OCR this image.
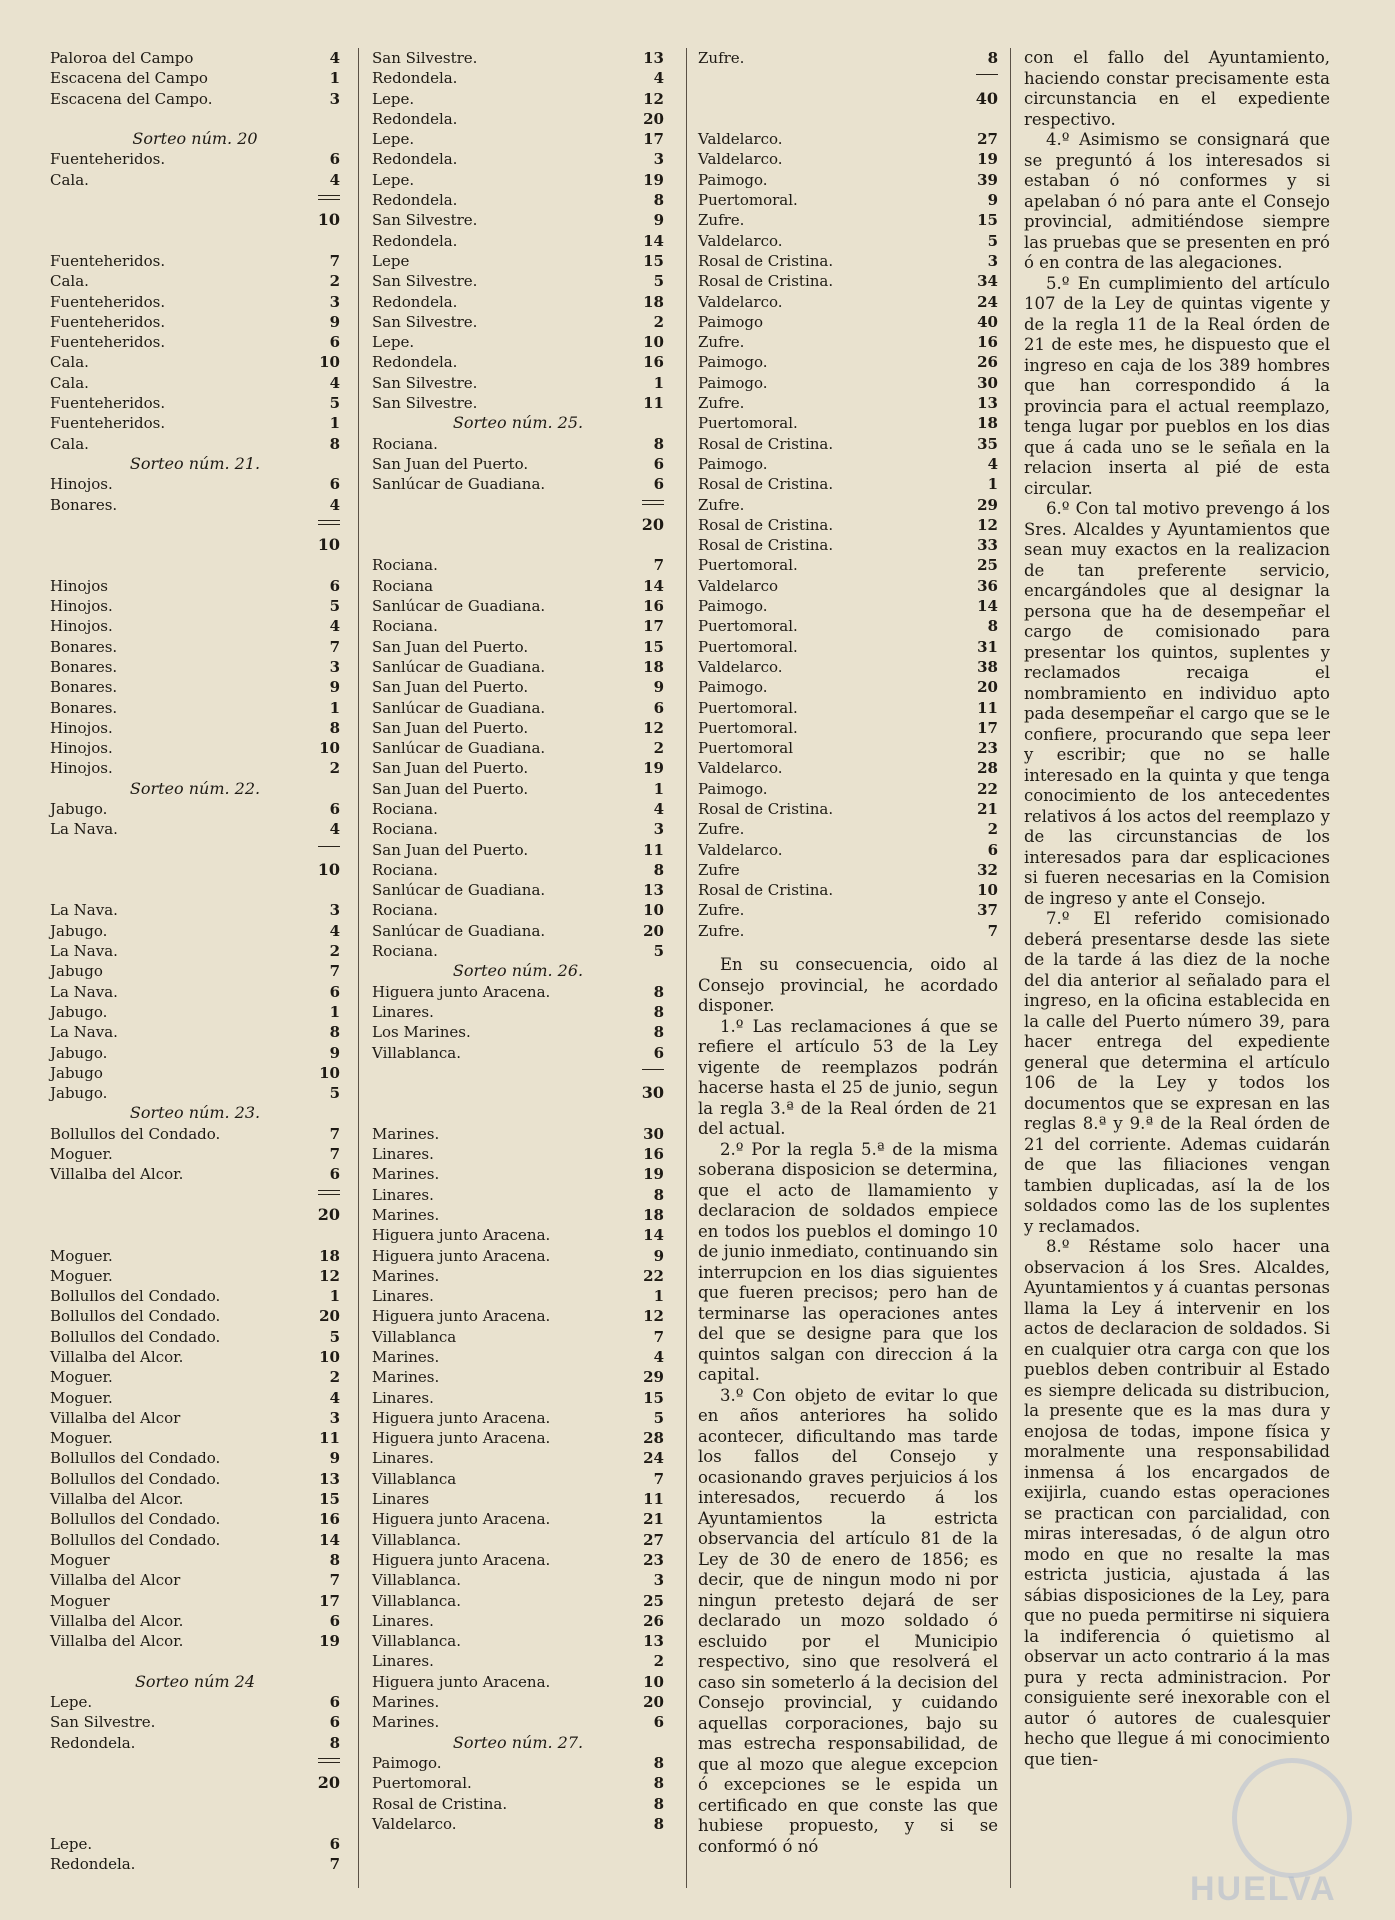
Paloroa del Campo	4
Escacena del Campo	1
Escacena del Campo.	3
Sorteo núm. 20
Fuenteheridos.	6
Cala.	4
10
Fuenteheridos.	7
Cala.	2
Fuenteheridos.	3
Fuenteheridos.	9
Fuenteheridos.	6
Cala.	10
Cala.	4
Fuenteheridos.	5
Fuenteheridos.	1
Cala.	8
Sorteo núm. 21.
Hinojos.	6
Bonares.	4
10
Hinojos	6
Hinojos.	5
Hinojos.	4
Bonares.	7
Bonares.	3
Bonares.	9
Bonares.	1
Hinojos.	8
Hinojos.	10
Hinojos.	2
Sorteo núm. 22.
Jabugo.	6
La Nava.	4
10
La Nava.	3
Jabugo.	4
La Nava.	2
Jabugo	7
La Nava.	6
Jabugo.	1
La Nava.	8
Jabugo.	9
Jabugo	10
Jabugo.	5
Sorteo núm. 23.
Bollullos del Condado.	7
Moguer.	7
Villalba del Alcor.	6
20
Moguer.	18
Moguer.	12
Bollullos del Condado.	1
Bollullos del Condado.	20
Bollullos del Condado.	5
Villalba del Alcor.	10
Moguer.	2
Moguer.	4
Villalba del Alcor	3
Moguer.	11
Bollullos del Condado.	9
Bollullos del Condado.	13
Villalba del Alcor.	15
Bollullos del Condado.	16
Bollullos del Condado.	14
Moguer	8
Villalba del Alcor	7
Moguer	17
Villalba del Alcor.	6
Villalba del Alcor.	19
Sorteo núm 24
Lepe.	6
San Silvestre.	6
Redondela.	8
20
Lepe.	6
Redondela.	7
San Silvestre.	13
Redondela.	4
Lepe.	12
Redondela.	20
Lepe.	17
Redondela.	3
Lepe.	19
Redondela.	8
San Silvestre.	9
Redondela.	14
Lepe	15
San Silvestre.	5
Redondela.	18
San Silvestre.	2
Lepe.	10
Redondela.	16
San Silvestre.	1
San Silvestre.	11
Sorteo núm. 25.
Rociana.	8
San Juan del Puerto.	6
Sanlúcar de Guadiana.	6
20
Rociana.	7
Rociana	14
Sanlúcar de Guadiana.	16
Rociana.	17
San Juan del Puerto.	15
Sanlúcar de Guadiana.	18
San Juan del Puerto.	9
Sanlúcar de Guadiana.	6
San Juan del Puerto.	12
Sanlúcar de Guadiana.	2
San Juan del Puerto.	19
San Juan del Puerto.	1
Rociana.	4
Rociana.	3
San Juan del Puerto.	11
Rociana.	8
Sanlúcar de Guadiana.	13
Rociana.	10
Sanlúcar de Guadiana.	20
Rociana.	5
Sorteo núm. 26.
Higuera junto Aracena.	8
Linares.	8
Los Marines.	8
Villablanca.	6
30
Marines.	30
Linares.	16
Marines.	19
Linares.	8
Marines.	18
Higuera junto Aracena.	14
Higuera junto Aracena.	9
Marines.	22
Linares.	1
Higuera junto Aracena.	12
Villablanca	7
Marines.	4
Marines.	29
Linares.	15
Higuera junto Aracena.	5
Higuera junto Aracena.	28
Linares.	24
Villablanca	7
Linares	11
Higuera junto Aracena.	21
Villablanca.	27
Higuera junto Aracena.	23
Villablanca.	3
Villablanca.	25
Linares.	26
Villablanca.	13
Linares.	2
Higuera junto Aracena.	10
Marines.	20
Marines.	6
Sorteo núm. 27.
Paimogo.	8
Puertomoral.	8
Rosal de Cristina.	8
Valdelarco.	8
Zufre.	8
40
Valdelarco.	27
Valdelarco.	19
Paimogo.	39
Puertomoral.	9
Zufre.	15
Valdelarco.	5
Rosal de Cristina.	3
Rosal de Cristina.	34
Valdelarco.	24
Paimogo	40
Zufre.	16
Paimogo.	26
Paimogo.	30
Zufre.	13
Puertomoral.	18
Rosal de Cristina.	35
Paimogo.	4
Rosal de Cristina.	1
Zufre.	29
Rosal de Cristina.	12
Rosal de Cristina.	33
Puertomoral.	25
Valdelarco	36
Paimogo.	14
Puertomoral.	8
Puertomoral.	31
Valdelarco.	38
Paimogo.	20
Puertomoral.	11
Puertomoral.	17
Puertomoral	23
Valdelarco.	28
Paimogo.	22
Rosal de Cristina.	21
Zufre.	2
Valdelarco.	6
Zufre	32
Rosal de Cristina.	10
Zufre.	37
Zufre.	7

En su consecuencia, oido al Consejo provincial, he acordado disponer.

1.º Las reclamaciones á que se refiere el artículo 53 de la Ley vigente de reemplazos podrán hacerse hasta el 25 de junio, segun la regla 3.ª de la Real órden de 21 del actual.

2.º Por la regla 5.ª de la misma soberana disposicion se determina, que el acto de llamamiento y declaracion de soldados empiece en todos los pueblos el domingo 10 de junio inmediato, continuando sin interrupcion en los dias siguientes que fueren precisos; pero han de terminarse las operaciones antes del que se designe para que los quintos salgan con direccion á la capital.

3.º Con objeto de evitar lo que en años anteriores ha solido acontecer, dificultando mas tarde los fallos del Consejo y ocasionando graves perjuicios á los interesados, recuerdo á los Ayuntamientos la estricta observancia del artículo 81 de la Ley de 30 de enero de 1856; es decir, que de ningun modo ni por ningun pretesto dejará de ser declarado un mozo soldado ó escluido por el Municipio respectivo, sino que resolverá el caso sin someterlo á la decision del Consejo provincial, y cuidando aquellas corporaciones, bajo su mas estrecha responsabilidad, de que al mozo que alegue excepcion ó excepciones se le espida un certificado en que conste las que hubiese propuesto, y si se conformó ó nó

con el fallo del Ayuntamiento, haciendo constar precisamente esta circunstancia en el expediente respectivo.

4.º Asimismo se consignará que se preguntó á los interesados si estaban ó nó conformes y si apelaban ó nó para ante el Consejo provincial, admitiéndose siempre las pruebas que se presenten en pró ó en contra de las alegaciones.

5.º En cumplimiento del artículo 107 de la Ley de quintas vigente y de la regla 11 de la Real órden de 21 de este mes, he dispuesto que el ingreso en caja de los 389 hombres que han correspondido á la provincia para el actual reemplazo, tenga lugar por pueblos en los dias que á cada uno se le señala en la relacion inserta al pié de esta circular.

6.º Con tal motivo prevengo á los Sres. Alcaldes y Ayuntamientos que sean muy exactos en la realizacion de tan preferente servicio, encargándoles que al designar la persona que ha de desempeñar el cargo de comisionado para presentar los quintos, suplentes y reclamados recaiga el nombramiento en individuo apto pada desempeñar el cargo que se le confiere, procurando que sepa leer y escribir; que no se halle interesado en la quinta y que tenga conocimiento de los antecedentes relativos á los actos del reemplazo y de las circunstancias de los interesados para dar esplicaciones si fueren necesarias en la Comision de ingreso y ante el Consejo.

7.º El referido comisionado deberá presentarse desde las siete de la tarde á las diez de la noche del dia anterior al señalado para el ingreso, en la oficina establecida en la calle del Puerto número 39, para hacer entrega del expediente general que determina el artículo 106 de la Ley y todos los documentos que se expresan en las reglas 8.ª y 9.ª de la Real órden de 21 del corriente. Ademas cuidarán de que las filiaciones vengan tambien duplicadas, así la de los soldados como las de los suplentes y reclamados.

8.º Réstame solo hacer una observacion á los Sres. Alcaldes, Ayuntamientos y á cuantas personas llama la Ley á intervenir en los actos de declaracion de soldados. Si en cualquier otra carga con que los pueblos deben contribuir al Estado es siempre delicada su distribucion, la presente que es la mas dura y enojosa de todas, impone física y moralmente una responsabilidad inmensa á los encargados de exijirla, cuando estas operaciones se practican con parcialidad, con miras interesadas, ó de algun otro modo en que no resalte la mas estricta justicia, ajustada á las sábias disposiciones de la Ley, para que no pueda permitirse ni siquiera la indiferencia ó quietismo al observar un acto contrario á la mas pura y recta administracion. Por consiguiente seré inexorable con el autor ó autores de cualesquier hecho que llegue á mi conocimiento que tien-

HUELVA
